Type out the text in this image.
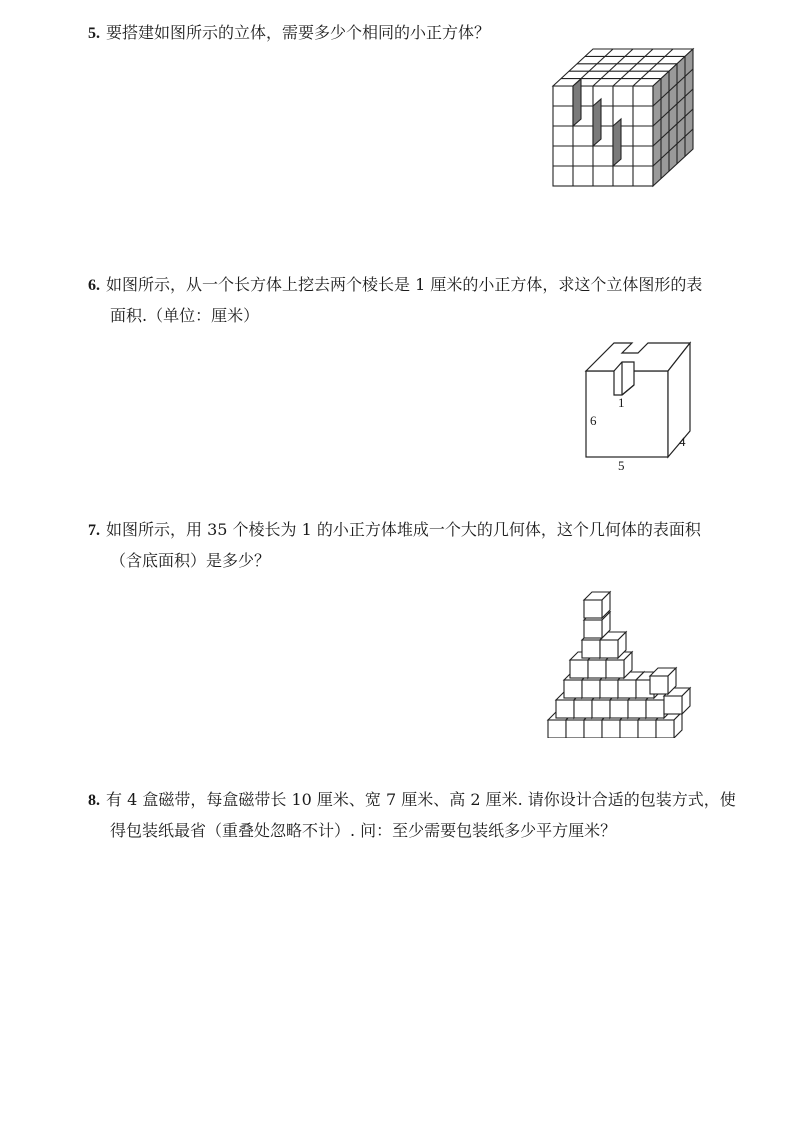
5. 要搭建如图所示的立体，需要多少个相同的小正方体？
6. 如图所示，从一个长方体上挖去两个棱长是 1 厘米的小正方体，求这个立体图形的表
面积.（单位：厘米）
1
6
4
5
7. 如图所示，用 35 个棱长为 1 的小正方体堆成一个大的几何体，这个几何体的表面积
（含底面积）是多少？
8. 有 4 盒磁带，每盒磁带长 10 厘米、宽 7 厘米、高 2 厘米. 请你设计合适的包装方式，使
得包装纸最省（重叠处忽略不计）. 问：至少需要包装纸多少平方厘米？
